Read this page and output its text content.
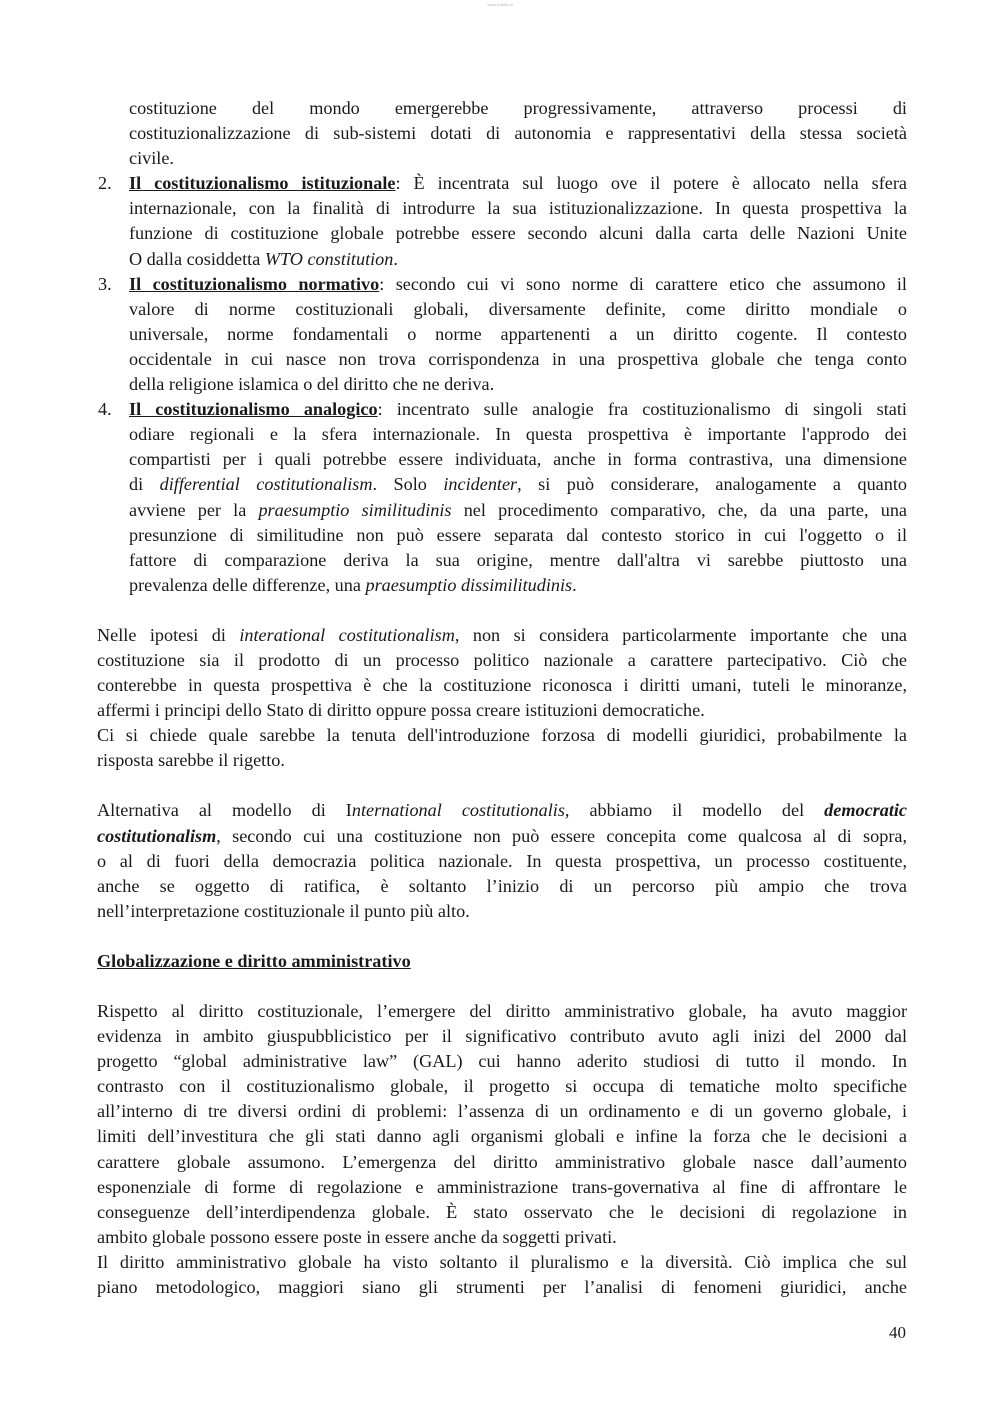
www.il-diritto.it

costituzione del mondo emergerebbe progressivamente, attraverso processi di

costituzionalizzazione di sub-sistemi dotati di autonomia e rappresentativi della stessa società

civile.

2. Il costituzionalismo istituzionale: È incentrata sul luogo ove il potere è allocato nella sfera

internazionale, con la finalità di introdurre la sua istituzionalizzazione. In questa prospettiva la

funzione di costituzione globale potrebbe essere secondo alcuni dalla carta delle Nazioni Unite

O dalla cosiddetta WTO constitution.

3. Il costituzionalismo normativo: secondo cui vi sono norme di carattere etico che assumono il

valore di norme costituzionali globali, diversamente definite, come diritto mondiale o

universale, norme fondamentali o norme appartenenti a un diritto cogente. Il contesto

occidentale in cui nasce non trova corrispondenza in una prospettiva globale che tenga conto

della religione islamica o del diritto che ne deriva.

4. Il costituzionalismo analogico: incentrato sulle analogie fra costituzionalismo di singoli stati

odiare regionali e la sfera internazionale. In questa prospettiva è importante l'approdo dei

compartisti per i quali potrebbe essere individuata, anche in forma contrastiva, una dimensione

di differential costitutionalism. Solo incidenter, si può considerare, analogamente a quanto

avviene per la praesumptio similitudinis nel procedimento comparativo, che, da una parte, una

presunzione di similitudine non può essere separata dal contesto storico in cui l'oggetto o il

fattore di comparazione deriva la sua origine, mentre dall'altra vi sarebbe piuttosto una

prevalenza delle differenze, una praesumptio dissimilitudinis.

Nelle ipotesi di interational costitutionalism, non si considera particolarmente importante che una

costituzione sia il prodotto di un processo politico nazionale a carattere partecipativo. Ciò che

conterebbe in questa prospettiva è che la costituzione riconosca i diritti umani, tuteli le minoranze,

affermi i principi dello Stato di diritto oppure possa creare istituzioni democratiche.

Ci si chiede quale sarebbe la tenuta dell'introduzione forzosa di modelli giuridici, probabilmente la

risposta sarebbe il rigetto.

Alternativa al modello di International costitutionalis, abbiamo il modello del democratic

costitutionalism, secondo cui una costituzione non può essere concepita come qualcosa al di sopra,

o al di fuori della democrazia politica nazionale. In questa prospettiva, un processo costituente,

anche se oggetto di ratifica, è soltanto l’inizio di un percorso più ampio che trova

nell’interpretazione costituzionale il punto più alto.

Globalizzazione e diritto amministrativo

Rispetto al diritto costituzionale, l’emergere del diritto amministrativo globale, ha avuto maggior

evidenza in ambito giuspubblicistico per il significativo contributo avuto agli inizi del 2000 dal

progetto “global administrative law” (GAL) cui hanno aderito studiosi di tutto il mondo. In

contrasto con il costituzionalismo globale, il progetto si occupa di tematiche molto specifiche

all’interno di tre diversi ordini di problemi: l’assenza di un ordinamento e di un governo globale, i

limiti dell’investitura che gli stati danno agli organismi globali e infine la forza che le decisioni a

carattere globale assumono. L’emergenza del diritto amministrativo globale nasce dall’aumento

esponenziale di forme di regolazione e amministrazione trans-governativa al fine di affrontare le

conseguenze dell’interdipendenza globale. È stato osservato che le decisioni di regolazione in

ambito globale possono essere poste in essere anche da soggetti privati.

Il diritto amministrativo globale ha visto soltanto il pluralismo e la diversità. Ciò implica che sul

piano metodologico, maggiori siano gli strumenti per l’analisi di fenomeni giuridici, anche

40
